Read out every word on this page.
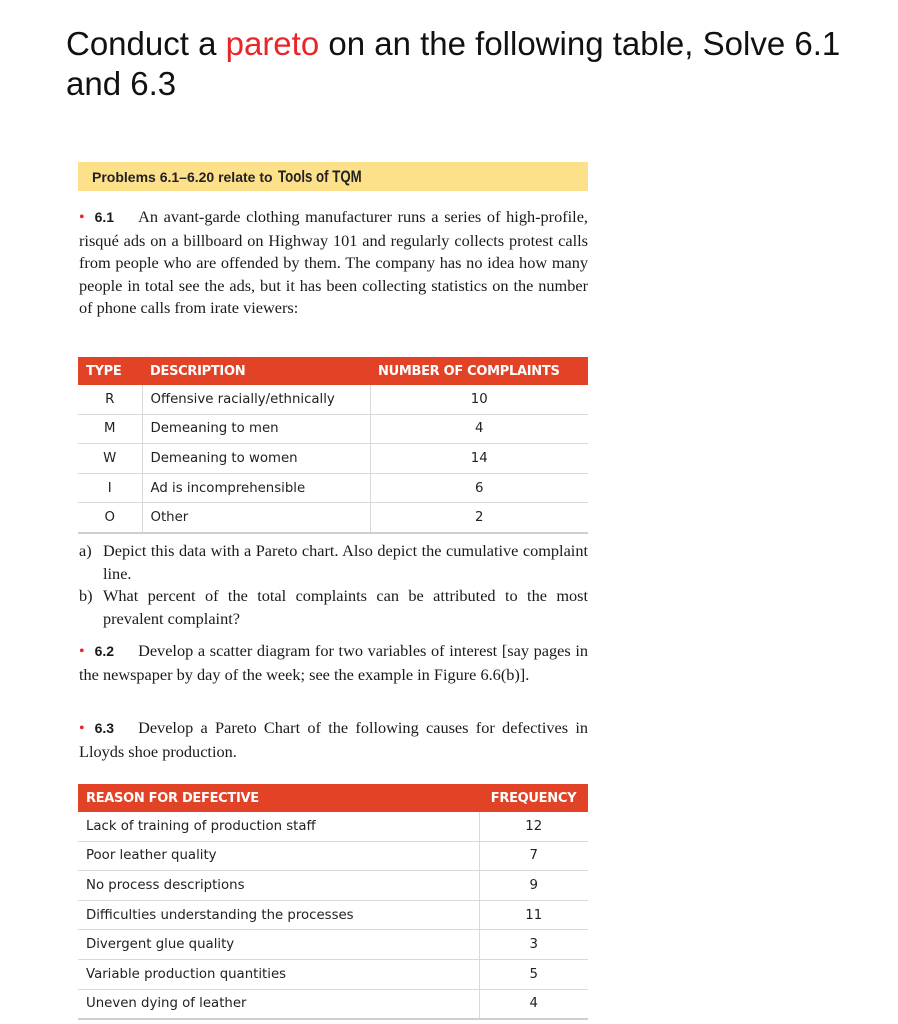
Conduct a pareto on an the following table, Solve 6.1 and 6.3
Problems 6.1–6.20 relate to Tools of TQM
• 6.1 An avant-garde clothing manufacturer runs a series of high-profile, risqué ads on a billboard on Highway 101 and regularly collects protest calls from people who are offended by them. The company has no idea how many people in total see the ads, but it has been collecting statistics on the number of phone calls from irate viewers:
TYPE	DESCRIPTION	NUMBER OF COMPLAINTS
R	Offensive racially/ethnically	10
M	Demeaning to men	4
W	Demeaning to women	14
I	Ad is incomprehensible	6
O	Other	2
a) Depict this data with a Pareto chart. Also depict the cumulative complaint line.
b) What percent of the total complaints can be attributed to the most prevalent complaint?
• 6.2 Develop a scatter diagram for two variables of interest [say pages in the newspaper by day of the week; see the example in Figure 6.6(b)].
• 6.3 Develop a Pareto Chart of the following causes for defectives in Lloyds shoe production.
REASON FOR DEFECTIVE	FREQUENCY
Lack of training of production staff	12
Poor leather quality	7
No process descriptions	9
Difficulties understanding the processes	11
Divergent glue quality	3
Variable production quantities	5
Uneven dying of leather	4
